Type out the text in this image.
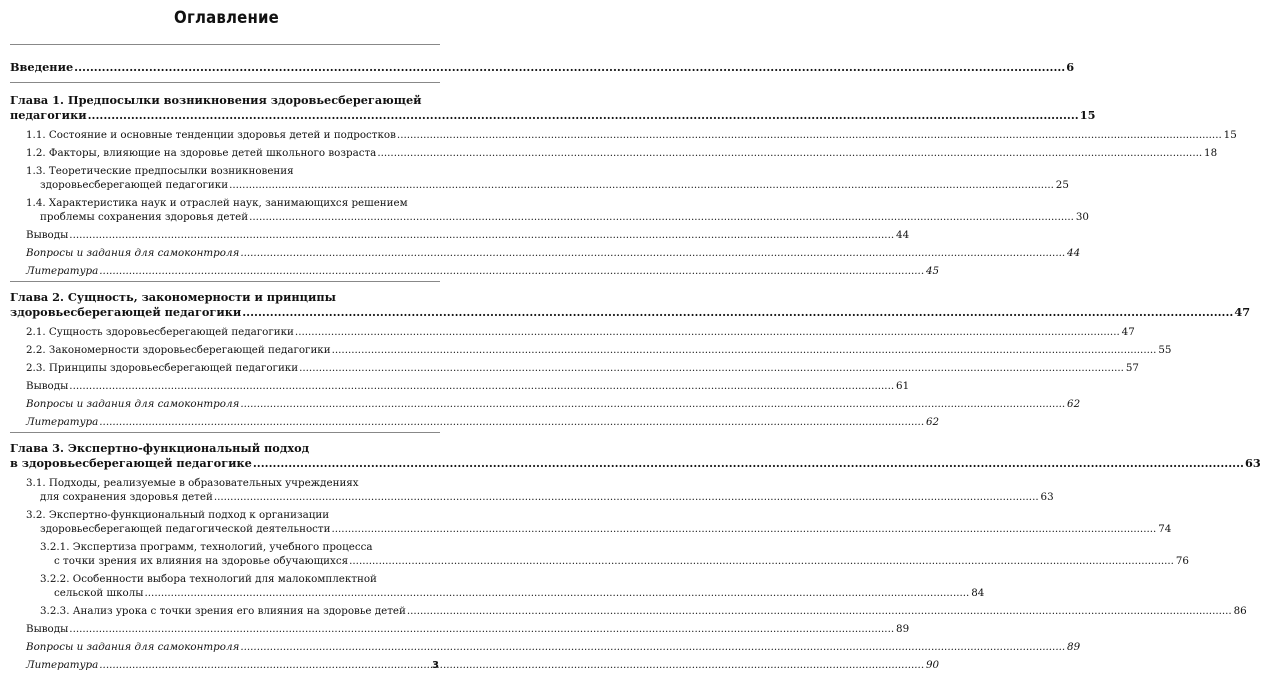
Оглавление
Введение .....	6
Глава 1. Предпосылки возникновения здоровьесберегающей
педагогики .....	15
1.1. Состояние и основные тенденции здоровья детей и подростков .....	15
1.2. Факторы, влияющие на здоровье детей школьного возраста .....	18
1.3. Теоретические предпосылки возникновения
здоровьесберегающей педагогики .....	25
1.4. Характеристика наук и отраслей наук, занимающихся решением
проблемы сохранения здоровья детей .....	30
Выводы .....	44
Вопросы и задания для самоконтроля .....	44
Литература .....	45
Глава 2. Сущность, закономерности и принципы
здоровьесберегающей педагогики .....	47
2.1. Сущность здоровьесберегающей педагогики .....	47
2.2. Закономерности здоровьесберегающей педагогики .....	55
2.3. Принципы здоровьесберегающей педагогики .....	57
Выводы .....	61
Вопросы и задания для самоконтроля .....	62
Литература .....	62
Глава 3. Экспертно-функциональный подход
в здоровьесберегающей педагогике .....	63
3.1. Подходы, реализуемые в образовательных учреждениях
для сохранения здоровья детей .....	63
3.2. Экспертно-функциональный подход к организации
здоровьесберегающей педагогической деятельности .....	74
3.2.1. Экспертиза программ, технологий, учебного процесса
с точки зрения их влияния на здоровье обучающихся .....	76
3.2.2. Особенности выбора технологий для малокомплектной
сельской школы .....	84
3.2.3. Анализ урока с точки зрения его влияния на здоровье детей .....	86
Выводы .....	89
Вопросы и задания для самоконтроля .....	89
Литература .....	90
3
